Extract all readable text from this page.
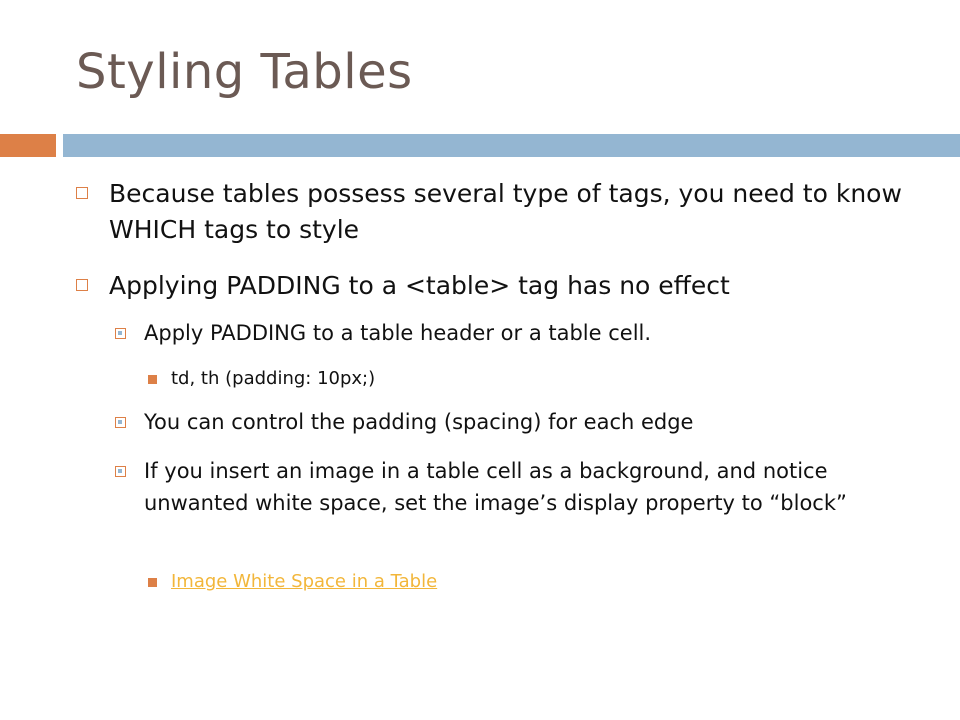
Styling Tables
Because tables possess several type of tags, you need to know WHICH tags to style
Applying PADDING to a <table> tag has no effect
Apply PADDING to a table header or a table cell.
td, th (padding: 10px;)
You can control the padding (spacing) for each edge
If you insert an image in a table cell as a background, and notice unwanted white space, set the image’s display property to “block”
Image White Space in a Table
